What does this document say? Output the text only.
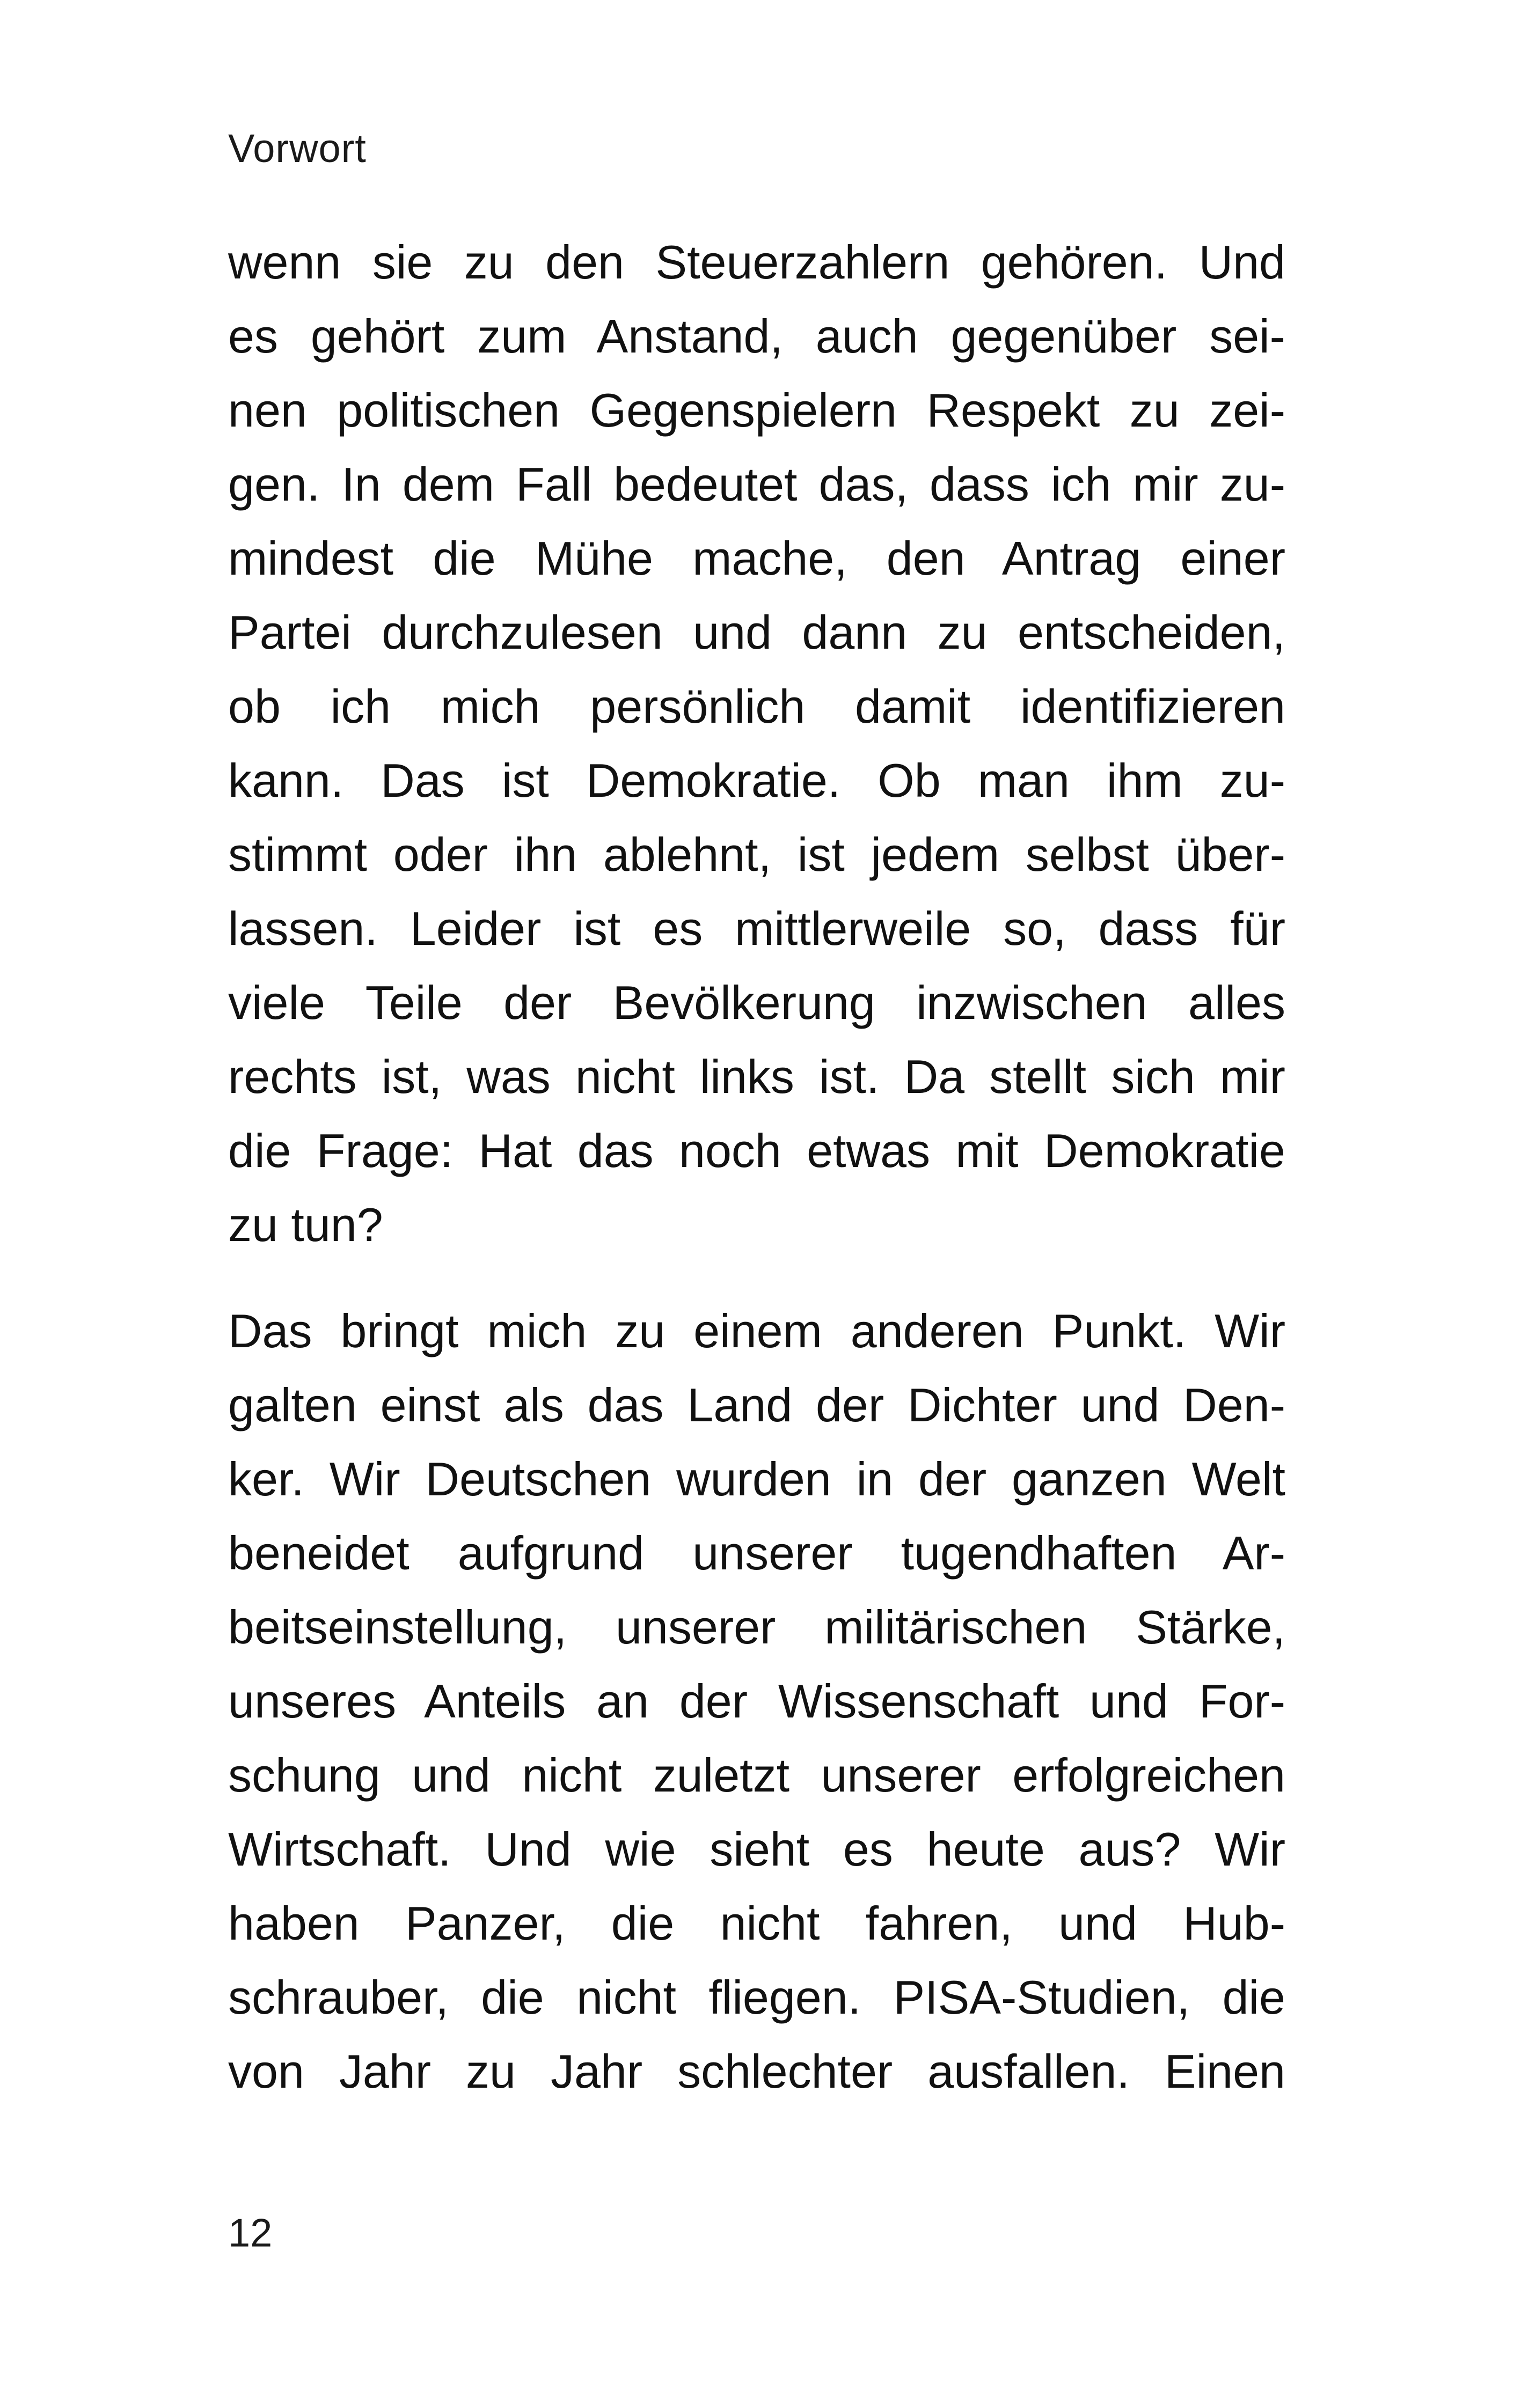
Vorwort
wenn sie zu den Steuerzahlern gehören. Und
es gehört zum Anstand, auch gegenüber sei-
nen politischen Gegenspielern Respekt zu zei-
gen. In dem Fall bedeutet das, dass ich mir zu-
mindest die Mühe mache, den Antrag einer
Partei durchzulesen und dann zu entscheiden,
ob ich mich persönlich damit identifizieren
kann. Das ist Demokratie. Ob man ihm zu-
stimmt oder ihn ablehnt, ist jedem selbst über-
lassen. Leider ist es mittlerweile so, dass für
viele Teile der Bevölkerung inzwischen alles
rechts ist, was nicht links ist. Da stellt sich mir
die Frage: Hat das noch etwas mit Demokratie
zu tun?
Das bringt mich zu einem anderen Punkt. Wir
galten einst als das Land der Dichter und Den-
ker. Wir Deutschen wurden in der ganzen Welt
beneidet aufgrund unserer tugendhaften Ar-
beitseinstellung, unserer militärischen Stärke,
unseres Anteils an der Wissenschaft und For-
schung und nicht zuletzt unserer erfolgreichen
Wirtschaft. Und wie sieht es heute aus? Wir
haben Panzer, die nicht fahren, und Hub-
schrauber, die nicht fliegen. PISA-Studien, die
von Jahr zu Jahr schlechter ausfallen. Einen
12
